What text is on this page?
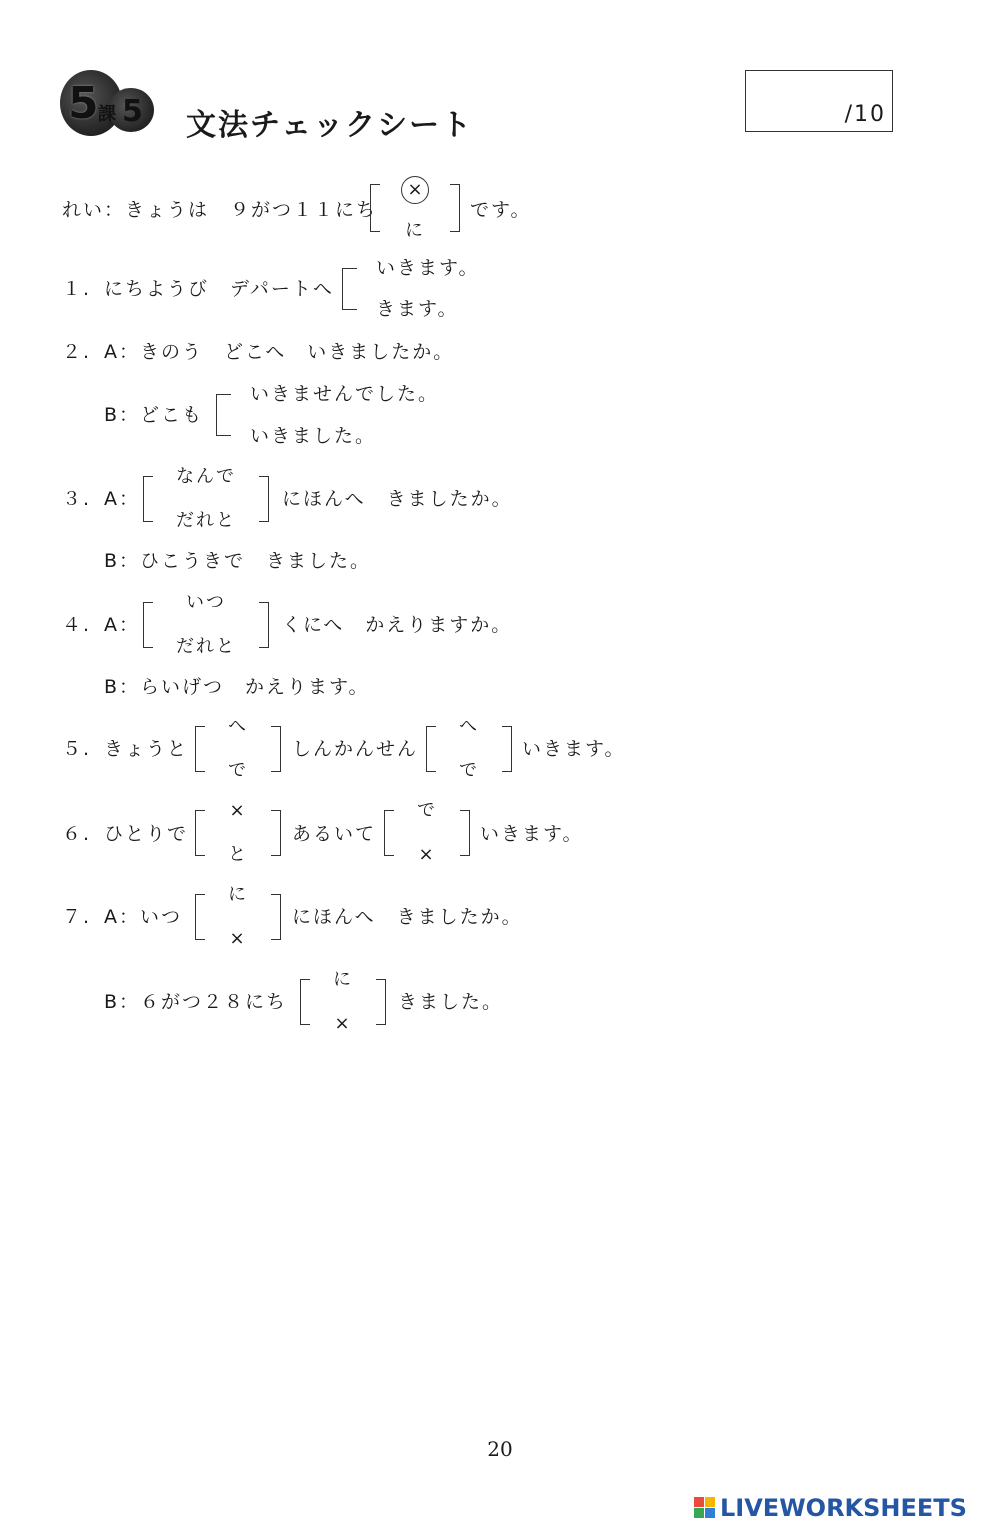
5 課 5 文法チェックシート	/10
れい：きょうは　９がつ１１にち
×
に
です。
１. にちようび　デパートへ
いきます。
きます。
２. A：きのう　どこへ　いきましたか。
B：どこも
いきませんでした。
いきました。
３. A：
なんで
だれと
にほんへ　きましたか。
B：ひこうきで　きました。
４. A：
いつ
だれと
くにへ　かえりますか。
B：らいげつ　かえります。
５. きょうと
へ
で
しんかんせん
へ
で
いきます。
６. ひとりで
×
と
あるいて
で
×
いきます。
７. A：いつ
に
×
にほんへ　きましたか。
B：６がつ２８にち
に
×
きました。
20
LIVEWORKSHEETS
